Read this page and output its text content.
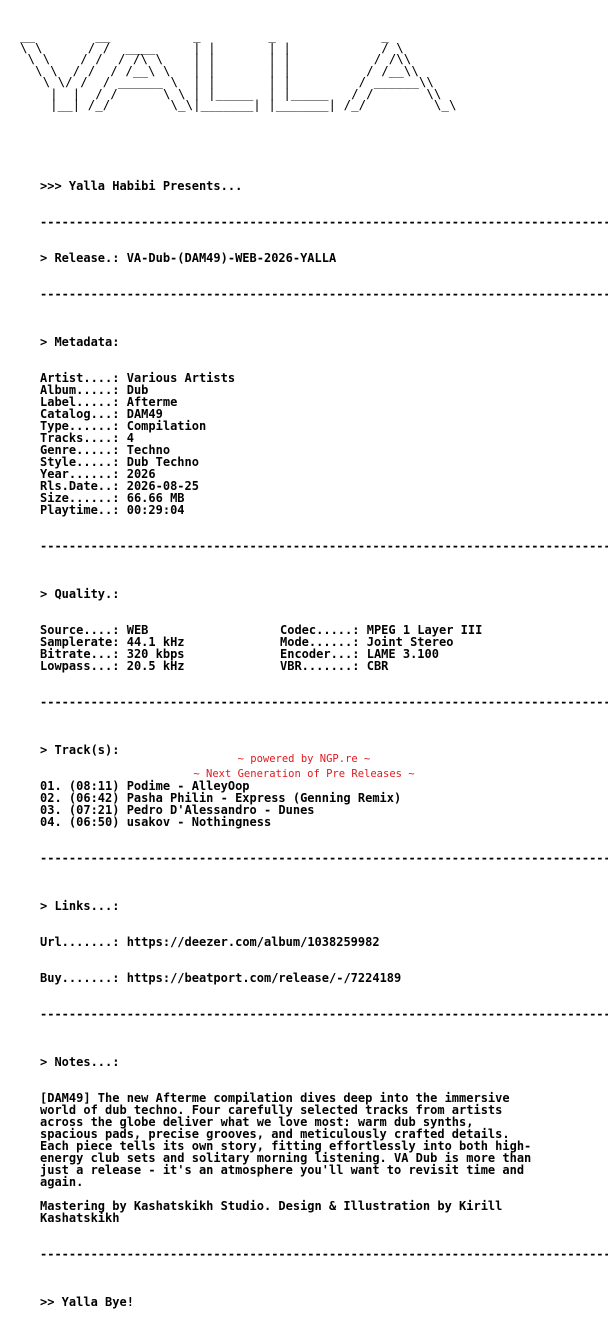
__        __           _         _              _
\ \      / /  ____     | |       | |            / \
\ \    / /  / /\ \    | |       | |           / /\\
\ \  / /  / /__\ \   | |       | |          / /__\\
\ \/ /  / ______ \  | |       | |         / ______\\
|  |  / /      \ \ | |_____  | |_____   / /       \\
|__| /_/        \_\|_______| |_______| /_/         \_\

>>> Yalla Habibi Presents...

-----

> Release.: VA-Dub-(DAM49)-WEB-2026-YALLA

-----

> Metadata:

Artist....: Various Artists
Album.....: Dub
Label.....: Afterme
Catalog...: DAM49
Type......: Compilation
Tracks....: 4
Genre.....: Techno
Style.....: Dub Techno
Year......: 2026
Rls.Date..: 2026-08-25
Size......: 66.66 MB
Playtime..: 00:29:04

-----

> Quality.:

Source....: WEB	Codec.....: MPEG 1 Layer III
Samplerate: 44.1 kHz	Mode......: Joint Stereo
Bitrate...: 320 kbps	Encoder...: LAME 3.100
Lowpass...: 20.5 kHz	VBR.......: CBR

-----

> Track(s):

01. (08:11) Podime - AlleyOop
02. (06:42) Pasha Philin - Express (Genning Remix)
03. (07:21) Pedro D'Alessandro - Dunes
04. (06:50) usakov - Nothingness

-----

> Links...:

Url.......: https://deezer.com/album/1038259982

Buy.......: https://beatport.com/release/-/7224189

-----

> Notes...:

[DAM49] The new Afterme compilation dives deep into the immersive
world of dub techno. Four carefully selected tracks from artists
across the globe deliver what we love most: warm dub synths,
spacious pads, precise grooves, and meticulously crafted details.
Each piece tells its own story, fitting effortlessly into both high-
energy club sets and solitary morning listening. VA Dub is more than
just a release - it's an atmosphere you'll want to revisit time and
again.
Mastering by Kashatskikh Studio. Design & Illustration by Kirill
Kashatskikh

-----

>> Yalla Bye!

~ powered by NGP.re ~
~ Next Generation of Pre Releases ~
